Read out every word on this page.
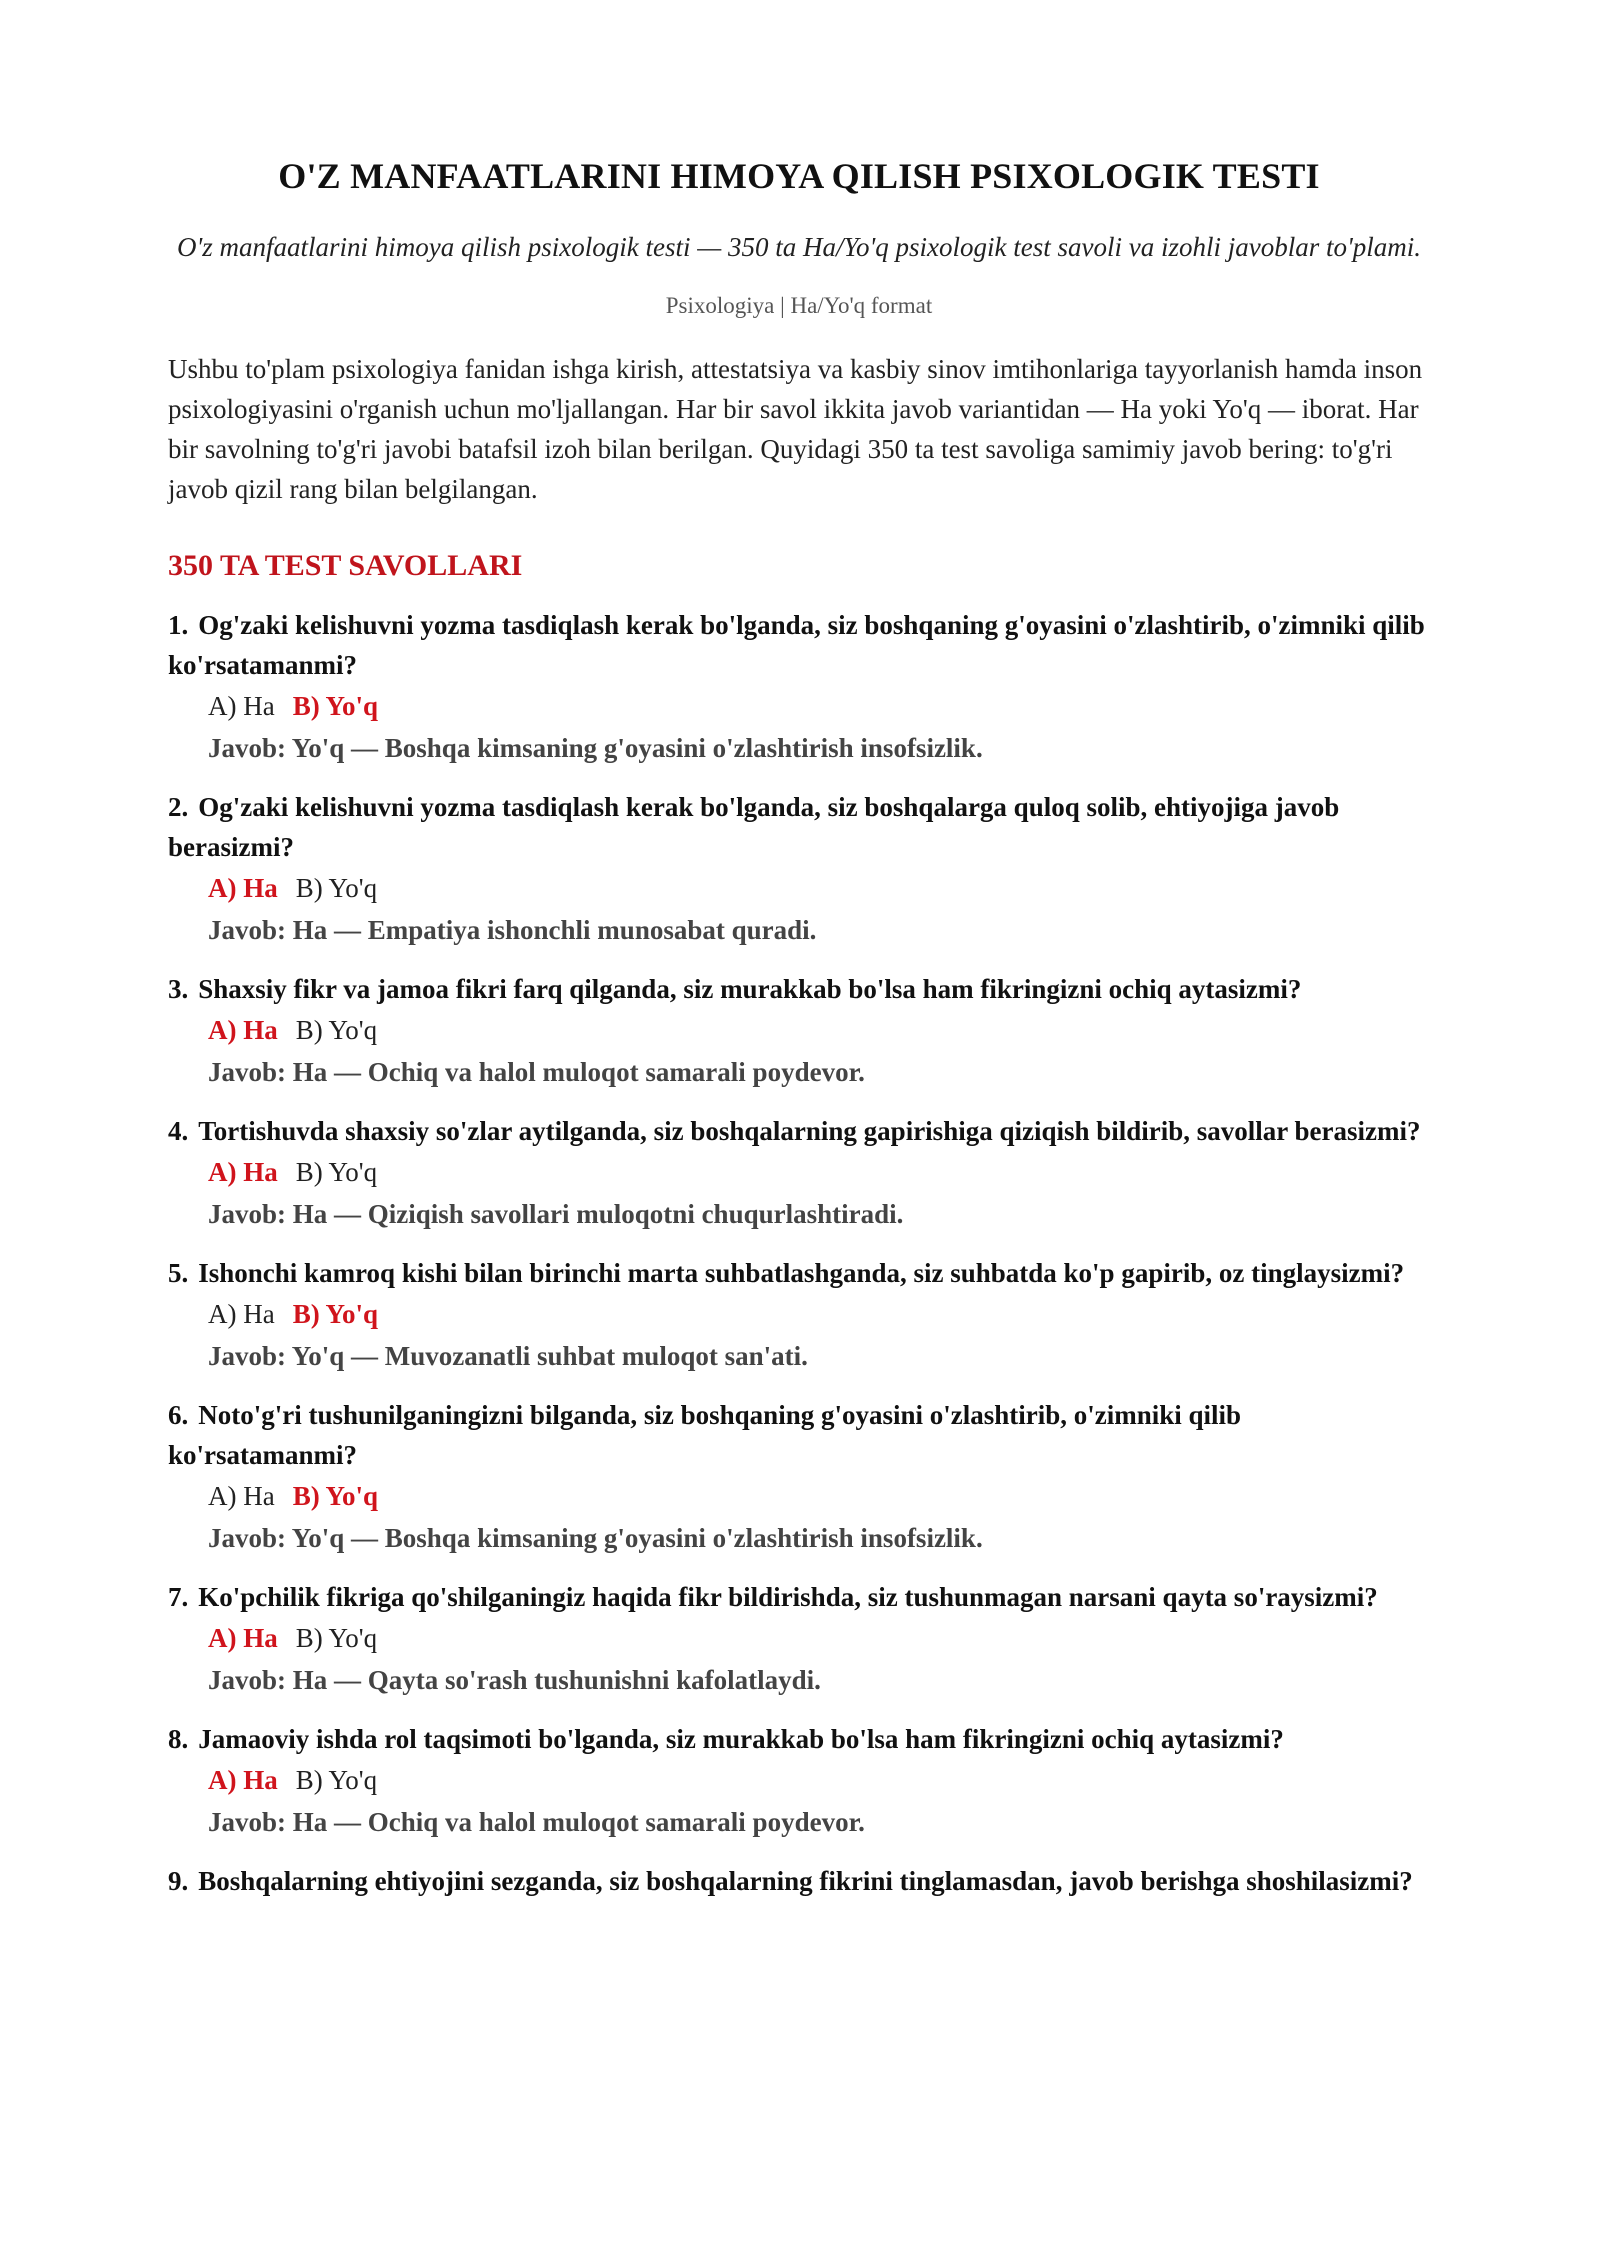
O'Z MANFAATLARINI HIMOYA QILISH PSIXOLOGIK TESTI
O'z manfaatlarini himoya qilish psixologik testi — 350 ta Ha/Yo'q psixologik test savoli va izohli javoblar to'plami.
Psixologiya | Ha/Yo'q format
Ushbu to'plam psixologiya fanidan ishga kirish, attestatsiya va kasbiy sinov imtihonlariga tayyorlanish hamda inson psixologiyasini o'rganish uchun mo'ljallangan. Har bir savol ikkita javob variantidan — Ha yoki Yo'q — iborat. Har bir savolning to'g'ri javobi batafsil izoh bilan berilgan. Quyidagi 350 ta test savoliga samimiy javob bering: to'g'ri javob qizil rang bilan belgilangan.
350 TA TEST SAVOLLARI
1. Og'zaki kelishuvni yozma tasdiqlash kerak bo'lganda, siz boshqaning g'oyasini o'zlashtirib, o'zimniki qilib ko'rsatamanmi?
A) Ha B) Yo'q
Javob: Yo'q — Boshqa kimsaning g'oyasini o'zlashtirish insofsizlik.
2. Og'zaki kelishuvni yozma tasdiqlash kerak bo'lganda, siz boshqalarga quloq solib, ehtiyojiga javob berasizmi?
A) Ha B) Yo'q
Javob: Ha — Empatiya ishonchli munosabat quradi.
3. Shaxsiy fikr va jamoa fikri farq qilganda, siz murakkab bo'lsa ham fikringizni ochiq aytasizmi?
A) Ha B) Yo'q
Javob: Ha — Ochiq va halol muloqot samarali poydevor.
4. Tortishuvda shaxsiy so'zlar aytilganda, siz boshqalarning gapirishiga qiziqish bildirib, savollar berasizmi?
A) Ha B) Yo'q
Javob: Ha — Qiziqish savollari muloqotni chuqurlashtiradi.
5. Ishonchi kamroq kishi bilan birinchi marta suhbatlashganda, siz suhbatda ko'p gapirib, oz tinglaysizmi?
A) Ha B) Yo'q
Javob: Yo'q — Muvozanatli suhbat muloqot san'ati.
6. Noto'g'ri tushunilganingizni bilganda, siz boshqaning g'oyasini o'zlashtirib, o'zimniki qilib ko'rsatamanmi?
A) Ha B) Yo'q
Javob: Yo'q — Boshqa kimsaning g'oyasini o'zlashtirish insofsizlik.
7. Ko'pchilik fikriga qo'shilganingiz haqida fikr bildirishda, siz tushunmagan narsani qayta so'raysizmi?
A) Ha B) Yo'q
Javob: Ha — Qayta so'rash tushunishni kafolatlaydi.
8. Jamaoviy ishda rol taqsimoti bo'lganda, siz murakkab bo'lsa ham fikringizni ochiq aytasizmi?
A) Ha B) Yo'q
Javob: Ha — Ochiq va halol muloqot samarali poydevor.
9. Boshqalarning ehtiyojini sezganda, siz boshqalarning fikrini tinglamasdan, javob berishga shoshilasizmi?
